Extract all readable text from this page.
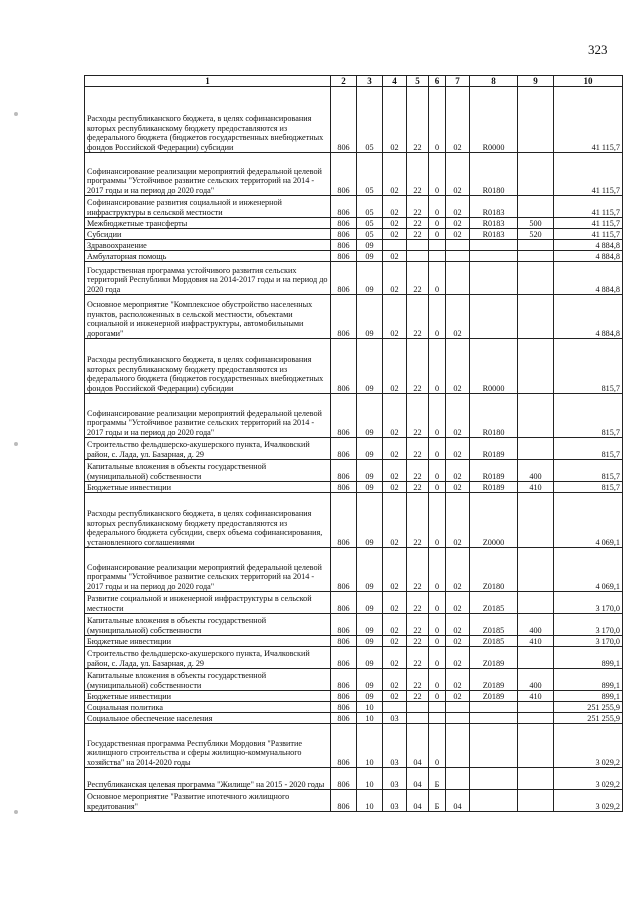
323
1	2	3	4	5	6	7	8	9	10
Расходы республиканского бюджета, в целях софинансирования которых республиканскому бюджету предоставляются из федерального бюджета (бюджетов государственных внебюджетных фондов Российской Федерации) субсидии	806	05	02	22	0	02	R0000		41 115,7
Софинансирование реализации мероприятий федеральной целевой программы "Устойчивое развитие сельских территорий на 2014 - 2017 годы и на период до 2020 года"	806	05	02	22	0	02	R0180		41 115,7
Софинансирование развития социальной и инженерной инфраструктуры в сельской местности	806	05	02	22	0	02	R0183		41 115,7
Межбюджетные трансферты	806	05	02	22	0	02	R0183	500	41 115,7
Субсидии	806	05	02	22	0	02	R0183	520	41 115,7
Здравоохранение	806	09							4 884,8
Амбулаторная помощь	806	09	02						4 884,8
Государственная программа устойчивого развития сельских территорий Республики Мордовия на 2014-2017 годы и на период до 2020 года	806	09	02	22	0				4 884,8
Основное мероприятие "Комплексное обустройство населенных пунктов, расположенных в сельской местности, объектами социальной и инженерной инфраструктуры, автомобильными дорогами"	806	09	02	22	0	02			4 884,8
Расходы республиканского бюджета, в целях софинансирования которых республиканскому бюджету предоставляются из федерального бюджета (бюджетов государственных внебюджетных фондов Российской Федерации) субсидии	806	09	02	22	0	02	R0000		815,7
Софинансирование реализации мероприятий федеральной целевой программы "Устойчивое развитие сельских территорий на 2014 - 2017 годы и на период до 2020 года"	806	09	02	22	0	02	R0180		815,7
Строительство фельдшерско-акушерского пункта, Ичалковский район, с. Лада, ул. Базарная, д. 29	806	09	02	22	0	02	R0189		815,7
Капитальные вложения в объекты государственной (муниципальной) собственности	806	09	02	22	0	02	R0189	400	815,7
Бюджетные инвестиции	806	09	02	22	0	02	R0189	410	815,7
Расходы республиканского бюджета, в целях софинансирования которых республиканскому бюджету предоставляются из федерального бюджета субсидии, сверх объема софинансирования, установленного соглашениями	806	09	02	22	0	02	Z0000		4 069,1
Софинансирование реализации мероприятий федеральной целевой программы "Устойчивое развитие сельских территорий на 2014 - 2017 годы и на период до 2020 года"	806	09	02	22	0	02	Z0180		4 069,1
Развитие социальной и инженерной инфраструктуры в сельской местности	806	09	02	22	0	02	Z0185		3 170,0
Капитальные вложения в объекты государственной (муниципальной) собственности	806	09	02	22	0	02	Z0185	400	3 170,0
Бюджетные инвестиции	806	09	02	22	0	02	Z0185	410	3 170,0
Строительство фельдшерско-акушерского пункта, Ичалковский район, с. Лада, ул. Базарная, д. 29	806	09	02	22	0	02	Z0189		899,1
Капитальные вложения в объекты государственной (муниципальной) собственности	806	09	02	22	0	02	Z0189	400	899,1
Бюджетные инвестиции	806	09	02	22	0	02	Z0189	410	899,1
Социальная политика	806	10							251 255,9
Социальное обеспечение населения	806	10	03						251 255,9
Государственная программа Республики Мордовия "Развитие жилищного строительства и сферы жилищно-коммунального хозяйства" на 2014-2020 годы	806	10	03	04	0				3 029,2
Республиканская целевая программа "Жилище" на 2015 - 2020 годы	806	10	03	04	Б				3 029,2
Основное мероприятие "Развитие ипотечного жилищного кредитования"	806	10	03	04	Б	04			3 029,2
